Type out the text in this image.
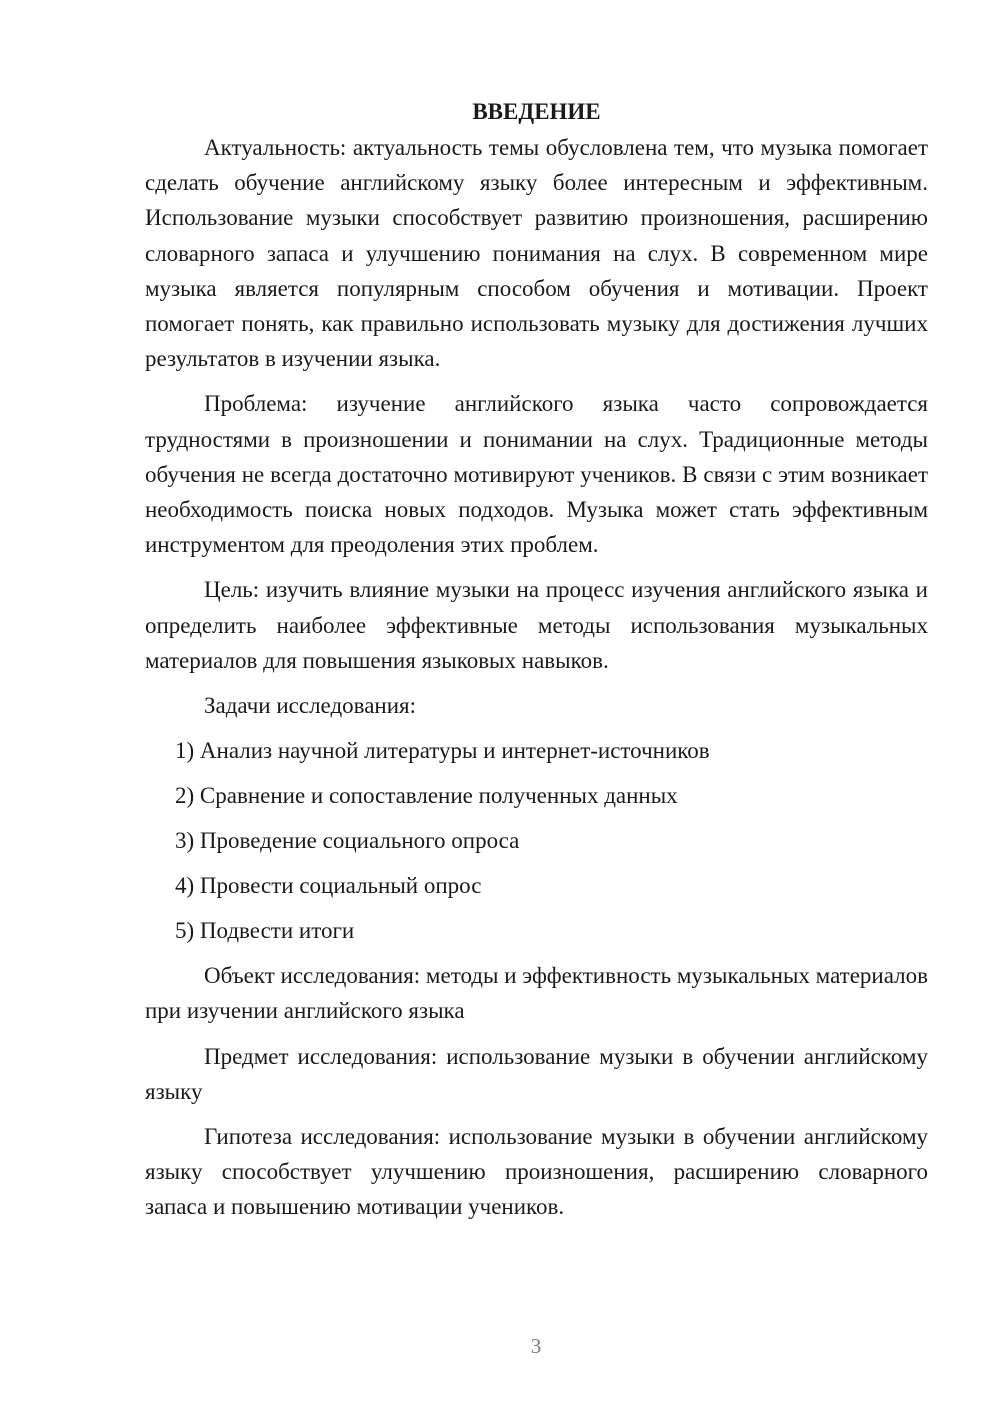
ВВЕДЕНИЕ

Актуальность: актуальность темы обусловлена тем, что музыка помогает сделать обучение английскому языку более интересным и эффективным. Использование музыки способствует развитию произношения, расширению словарного запаса и улучшению понимания на слух. В современном мире музыка является популярным способом обучения и мотивации. Проект помогает понять, как правильно использовать музыку для достижения лучших результатов в изучении языка.

Проблема: изучение английского языка часто сопровождается трудностями в произношении и понимании на слух. Традиционные методы обучения не всегда достаточно мотивируют учеников. В связи с этим возникает необходимость поиска новых подходов. Музыка может стать эффективным инструментом для преодоления этих проблем.

Цель: изучить влияние музыки на процесс изучения английского языка и определить наиболее эффективные методы использования музыкальных материалов для повышения языковых навыков.

Задачи исследования:

1) Анализ научной литературы и интернет-источников
2) Сравнение и сопоставление полученных данных
3) Проведение социального опроса
4) Провести социальный опрос
5) Подвести итоги

Объект исследования: методы и эффективность музыкальных материалов при изучении английского языка

Предмет исследования: использование музыки в обучении английскому языку

Гипотеза исследования: использование музыки в обучении английскому языку способствует улучшению произношения, расширению словарного запаса и повышению мотивации учеников.

3
